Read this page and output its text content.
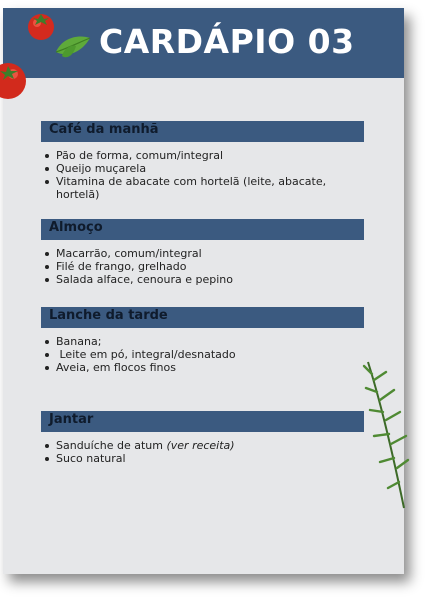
CARDÁPIO 03
Café da manhã
Pão de forma, comum/integral
Queijo muçarela
Vitamina de abacate com hortelã (leite, abacate, hortelã)
Almoço
Macarrão, comum/integral
Filé de frango, grelhado
Salada alface, cenoura e pepino
Lanche da tarde
Banana;
Leite em pó, integral/desnatado
Aveia, em flocos finos
Jantar
Sanduíche de atum (ver receita)
Suco natural
